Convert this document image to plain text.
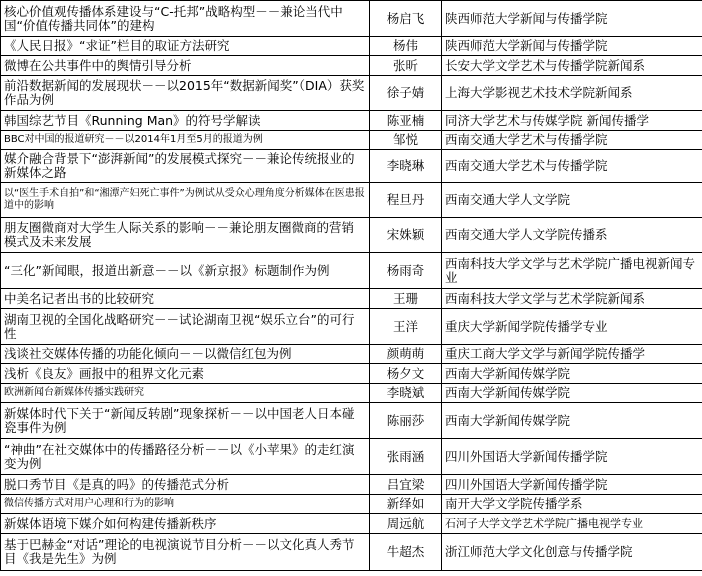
核心价值观传播体系建设与“C-托邦”战略构型－－兼论当代中国“价值传播共同体”的建构	杨启飞	陕西师范大学新闻与传播学院
《人民日报》“求证”栏目的取证方法研究	杨伟	陕西师范大学新闻与传播学院
微博在公共事件中的舆情引导分析	张昕	长安大学文学艺术与传播学院新闻系
前沿数据新闻的发展现状－－以2015年“数据新闻奖”（DIA）获奖作品为例	徐子婧	上海大学影视艺术技术学院新闻系
韩国综艺节目《Running Man》的符号学解读	陈亚楠	同济大学艺术与传媒学院 新闻传播学
BBC对中国的报道研究－－以2014年1月至5月的报道为例	邹悦	西南交通大学艺术与传播学院
媒介融合背景下“澎湃新闻”的发展模式探究－－兼论传统报业的新媒体之路	李晓琳	西南交通大学艺术与传播学院
以“医生手术自拍”和“湘潭产妇死亡事件”为例试从受众心理角度分析媒体在医患报道中的影响	程旦丹	西南交通大学人文学院
朋友圈微商对大学生人际关系的影响－－兼论朋友圈微商的营销模式及未来发展	宋姝颖	西南交通大学人文学院传播系
“三化”新闻眼，报道出新意－－以《新京报》标题制作为例	杨雨奇	西南科技大学文学与艺术学院广播电视新闻专业
中美名记者出书的比较研究	王珊	西南科技大学文学与艺术学院新闻系
湖南卫视的全国化战略研究－－试论湖南卫视“娱乐立台”的可行性	王洋	重庆大学新闻学院传播学专业
浅谈社交媒体传播的功能化倾向－－以微信红包为例	颜萌萌	重庆工商大学文学与新闻学院传播学
浅析《良友》画报中的租界文化元素	杨夕文	西南大学新闻传媒学院
欧洲新闻台新媒体传播实践研究	李晓斌	西南大学新闻传媒学院
新媒体时代下关于“新闻反转剧”现象探析－－以中国老人日本碰瓷事件为例	陈丽莎	西南大学新闻传媒学院
“神曲”在社交媒体中的传播路径分析－－以《小苹果》的走红演变为例	张雨涵	四川外国语大学新闻传播学院
脱口秀节目《是真的吗》的传播范式分析	吕宜梁	四川外国语大学新闻传播学院
微信传播方式对用户心理和行为的影响	新绎如	南开大学文学院传播学系
新媒体语境下媒介如何构建传播新秩序	周远航	石河子大学文学艺术学院广播电视学专业
基于巴赫金“对话”理论的电视演说节目分析－－以文化真人秀节目《我是先生》为例	牛超杰	浙江师范大学文化创意与传播学院
